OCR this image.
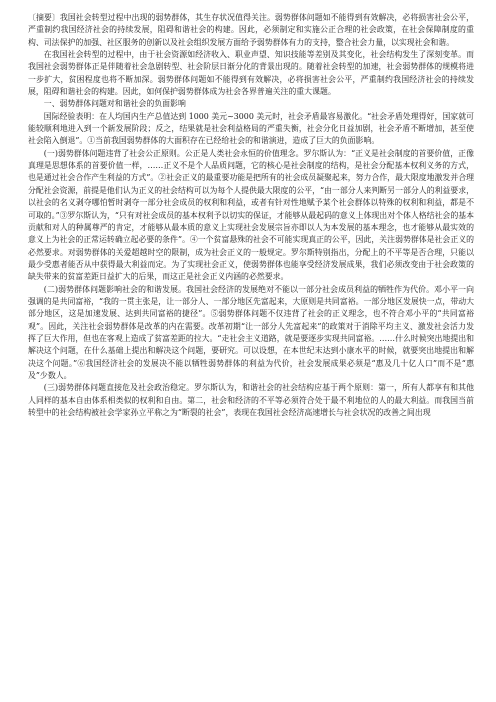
〔摘要〕我国社会转型过程中出现的弱势群体，其生存状况值得关注。弱势群体问题如不能得到有效解决，必将损害社会公平，严重制约我国经济社会的持续发展，阻碍和谐社会的构建。因此，必须制定和实施公正合理的社会政策，在社会保障制度的重构、司法保护的加强、社区服务的创新以及社会组织发展方面给予弱势群体有力的支持，整合社会力量，以实现社会和谐。

在我国社会转型的过程中，由于社会资源如经济收入、职业声望、知识技能等差别及其变化，社会结构发生了深刻变革。而我国社会弱势群体正是伴随着社会急剧转型、社会阶层日渐分化的背景出现的。随着社会转型的加速，社会弱势群体的规模将进一步扩大，贫困程度也将不断加深。弱势群体问题如不能得到有效解决，必将损害社会公平，严重制约我国经济社会的持续发展，阻碍和谐社会的构建。因此，如何保护弱势群体成为社会各界普遍关注的重大课题。

一、弱势群体问题对和谐社会的负面影响

国际经验表明：在人均国内生产总值达到 1000 美元~3000 美元时，社会矛盾最容易激化。“社会矛盾处理得好，国家就可能较顺利地进入到一个新发展阶段；反之，结果就是社会利益格局的严重失衡，社会分化日益加剧，社会矛盾不断增加，甚至使社会陷入倒退”。①当前我国弱势群体的大面积存在已经给社会的和谐演进，造成了巨大的负面影响。

(一)弱势群体问题违背了社会公正原则。公正是人类社会永恒的价值理念。罗尔斯认为：“正义是社会制度的首要价值，正像真理是思想体系的首要价值一样，……正义不是个人品质问题，它的核心是社会制度的结构，是社会分配基本权利义务的方式，也是通过社会合作产生利益的方式”。②社会正义的最重要功能是把所有的社会成员凝聚起来，努力合作，最大限度地激发并合理分配社会资源，前提是他们认为正义的社会结构可以为每个人提供最大限度的公平，“由一部分人来判断另一部分人的利益要求，以社会的名义剥夺哪怕暂时剥夺一部分社会成员的权利和利益，或者有针对性地赋予某个社会群体以特殊的权利和利益，都是不可取的。”③罗尔斯认为，“只有对社会成员的基本权利予以切实的保证，才能够从最起码的意义上体现出对个体人格结社会的基本贡献和对人的种属尊严的肯定，才能够从最本质的意义上实现社会发展宗旨亦即以人为本发展的基本理念，也才能够从最实效的意义上为社会的正常运转确立起必要的条件”。④一个贫富悬殊的社会不可能实现真正的公平，因此，关注弱势群体是社会正义的必然要求。对弱势群体的关爱超越时空的限制，成为社会正义的一般规定。罗尔斯特别指出，分配上的不平等是否合理，只能以最少受惠者能否从中获得最大利益而定。为了实现社会正义，使弱势群体也能享受经济发展成果，我们必须改变由于社会政策的缺失带来的贫富差距日益扩大的后果，而这正是社会正义内涵的必然要求。

(二)弱势群体问题影响社会的和谐发展。我国社会经济的发展绝对不能以一部分社会成员利益的牺牲作为代价。邓小平一向强调的是共同富裕，“我的一贯主张是，让一部分人、一部分地区先富起来，大原则是共同富裕。一部分地区发展快一点，带动大部分地区，这是加速发展、达到共同富裕的捷径”。⑤弱势群体问题不仅违背了社会的正义理念，也不符合邓小平的“共同富裕观”。因此，关注社会弱势群体是改革的内在需要。改革初期“让一部分人先富起来”的政策对于消除平均主义、激发社会活力发挥了巨大作用，但也在客观上造成了贫富差距的拉大。“走社会主义道路，就是要逐步实现共同富裕。……什么时候突出地提出和解决这个问题，在什么基础上提出和解决这个问题，要研究。可以设想，在本世纪末达到小康水平的时候，就要突出地提出和解决这个问题。”⑥我国经济社会的发展决不能以牺牲弱势群体的利益为代价，社会发展成果必须是“惠及几十亿人口”而不是“惠及”少数人。

(三)弱势群体问题直接危及社会政治稳定。罗尔斯认为，和谐社会的社会结构应基于两个原则：第一，所有人都享有和其他人同样的基本自由体系相类似的权利和自由。第二，社会和经济的不平等必须符合处于最不利地位的人的最大利益。而我国当前转型中的社会结构被社会学家孙立平称之为“断裂的社会”，表现在我国社会经济高速增长与社会状况的改善之间出现
